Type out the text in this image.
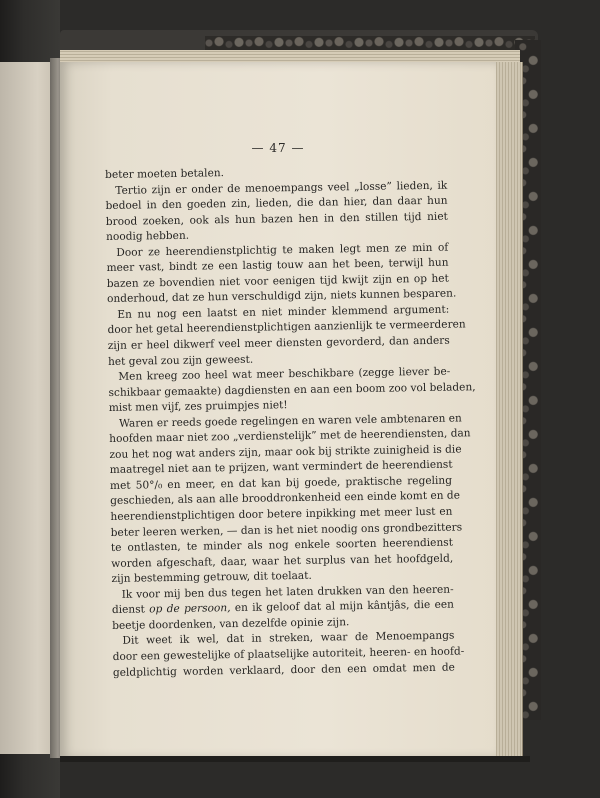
— 47 —
beter moeten betalen.
Tertio zijn er onder de menoempangs veel „losse” lieden, ik
bedoel in den goeden zin, lieden, die dan hier, dan daar hun
brood zoeken, ook als hun bazen hen in den stillen tijd niet
noodig hebben.
Door ze heerendienstplichtig te maken legt men ze min of
meer vast, bindt ze een lastig touw aan het been, terwijl hun
bazen ze bovendien niet voor eenigen tijd kwijt zijn en op het
onderhoud, dat ze hun verschuldigd zijn, niets kunnen besparen.
En nu nog een laatst en niet minder klemmend argument:
door het getal heerendienstplichtigen aanzienlijk te vermeerderen
zijn er heel dikwerf veel meer diensten gevorderd, dan anders
het geval zou zijn geweest.
Men kreeg zoo heel wat meer beschikbare (zegge liever be-
schikbaar gemaakte) dagdiensten en aan een boom zoo vol beladen,
mist men vijf, zes pruimpjes niet!
Waren er reeds goede regelingen en waren vele ambtenaren en
hoofden maar niet zoo „verdienstelijk” met de heerendiensten, dan
zou het nog wat anders zijn, maar ook bij strikte zuinigheid is die
maatregel niet aan te prijzen, want vermindert de heerendienst
met 50°/₀ en meer, en dat kan bij goede, praktische regeling
geschieden, als aan alle brooddronkenheid een einde komt en de
heerendienstplichtigen door betere inpikking met meer lust en
beter leeren werken, — dan is het niet noodig ons grondbezitters
te ontlasten, te minder als nog enkele soorten heerendienst
worden afgeschaft, daar, waar het surplus van het hoofdgeld,
zijn bestemming getrouw, dit toelaat.
Ik voor mij ben dus tegen het laten drukken van den heeren-
dienst op de persoon, en ik geloof dat al mijn kântjâs, die een
beetje doordenken, van dezelfde opinie zijn.
Dit weet ik wel, dat in streken, waar de Menoempangs
door een gewestelijke of plaatselijke autoriteit, heeren- en hoofd-
geldplichtig worden verklaard, door den een omdat men de
